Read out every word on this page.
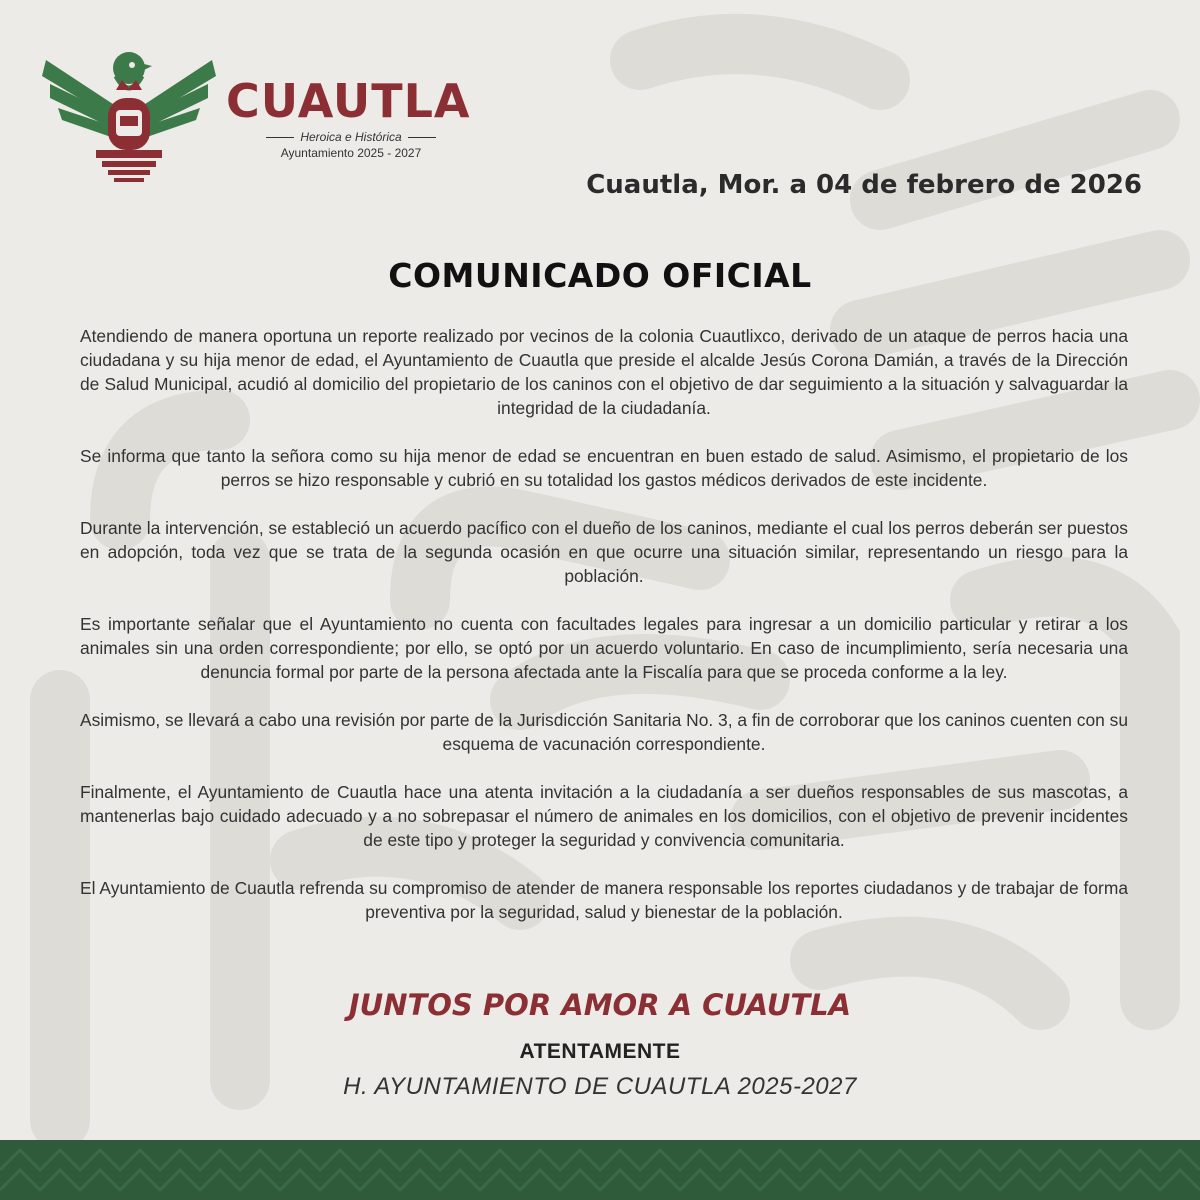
CUAUTLA
Heroica e Histórica
Ayuntamiento 2025 - 2027
Cuautla, Mor. a 04 de febrero de 2026
COMUNICADO OFICIAL

Atendiendo de manera oportuna un reporte realizado por vecinos de la colonia Cuautlixco, derivado de un ataque de perros hacia una ciudadana y su hija menor de edad, el Ayuntamiento de Cuautla que preside el alcalde Jesús Corona Damián, a través de la Dirección de Salud Municipal, acudió al domicilio del propietario de los caninos con el objetivo de dar seguimiento a la situación y salvaguardar la integridad de la ciudadanía.

Se informa que tanto la señora como su hija menor de edad se encuentran en buen estado de salud. Asimismo, el propietario de los perros se hizo responsable y cubrió en su totalidad los gastos médicos derivados de este incidente.

Durante la intervención, se estableció un acuerdo pacífico con el dueño de los caninos, mediante el cual los perros deberán ser puestos en adopción, toda vez que se trata de la segunda ocasión en que ocurre una situación similar, representando un riesgo para la población.

Es importante señalar que el Ayuntamiento no cuenta con facultades legales para ingresar a un domicilio particular y retirar a los animales sin una orden correspondiente; por ello, se optó por un acuerdo voluntario. En caso de incumplimiento, sería necesaria una denuncia formal por parte de la persona afectada ante la Fiscalía para que se proceda conforme a la ley.

Asimismo, se llevará a cabo una revisión por parte de la Jurisdicción Sanitaria No. 3, a fin de corroborar que los caninos cuenten con su esquema de vacunación correspondiente.

Finalmente, el Ayuntamiento de Cuautla hace una atenta invitación a la ciudadanía a ser dueños responsables de sus mascotas, a mantenerlas bajo cuidado adecuado y a no sobrepasar el número de animales en los domicilios, con el objetivo de prevenir incidentes de este tipo y proteger la seguridad y convivencia comunitaria.

El Ayuntamiento de Cuautla refrenda su compromiso de atender de manera responsable los reportes ciudadanos y de trabajar de forma preventiva por la seguridad, salud y bienestar de la población.

JUNTOS POR AMOR A CUAUTLA
ATENTAMENTE
H. AYUNTAMIENTO DE CUAUTLA 2025-2027
